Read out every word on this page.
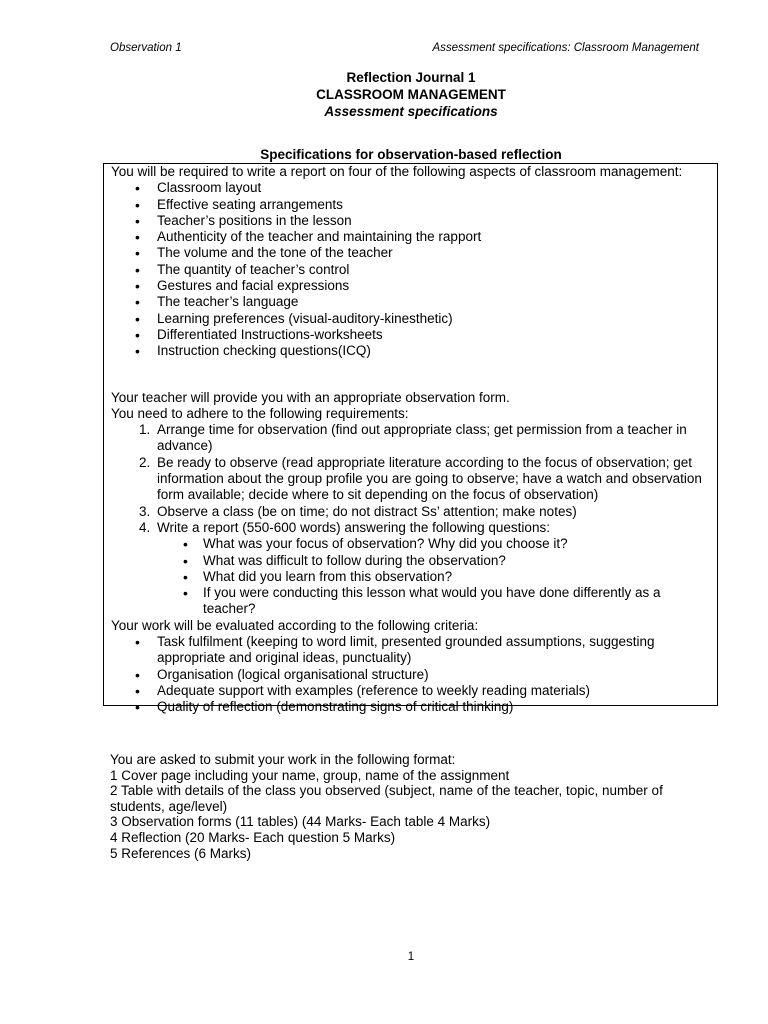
Observation 1	Assessment specifications: Classroom Management
Reflection Journal 1
CLASSROOM MANAGEMENT
Assessment specifications
Specifications for observation-based reflection

You will be required to write a report on four of the following aspects of classroom management:

• Classroom layout
• Effective seating arrangements
• Teacher’s positions in the lesson
• Authenticity of the teacher and maintaining the rapport
• The volume and the tone of the teacher
• The quantity of teacher’s control
• Gestures and facial expressions
• The teacher’s language
• Learning preferences (visual-auditory-kinesthetic)
• Differentiated Instructions-worksheets
• Instruction checking questions(ICQ)

Your teacher will provide you with an appropriate observation form.

You need to adhere to the following requirements:

1. Arrange time for observation (find out appropriate class; get permission from a teacher in advance)
2. Be ready to observe (read appropriate literature according to the focus of observation; get information about the group profile you are going to observe; have a watch and observation form available; decide where to sit depending on the focus of observation)
3. Observe a class (be on time; do not distract Ss’ attention; make notes)
4. Write a report (550-600 words) answering the following questions:
• What was your focus of observation? Why did you choose it?
• What was difficult to follow during the observation?
• What did you learn from this observation?
• If you were conducting this lesson what would you have done differently as a teacher?

Your work will be evaluated according to the following criteria:

• Task fulfilment (keeping to word limit, presented grounded assumptions, suggesting appropriate and original ideas, punctuality)
• Organisation (logical organisational structure)
• Adequate support with examples (reference to weekly reading materials)
• Quality of reflection (demonstrating signs of critical thinking)

You are asked to submit your work in the following format:

1 Cover page including your name, group, name of the assignment

2 Table with details of the class you observed (subject, name of the teacher, topic, number of students, age/level)

3 Observation forms (11 tables) (44 Marks- Each table 4 Marks)

4 Reflection (20 Marks- Each question 5 Marks)

5 References (6 Marks)

1
